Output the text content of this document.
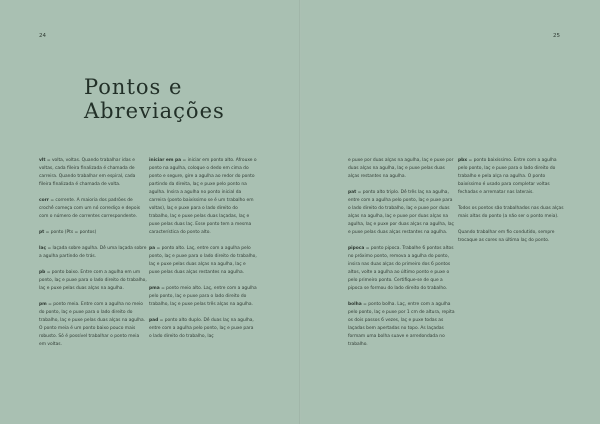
24	25
Pontos e
Abreviações

vlt = volta, voltas. Quando trabalhar idas e voltas, cada fileira finalizada é chamada de carreira. Quando trabalhar em espiral, cada fileira finalizada é chamada de volta.

corr = corrente. A maioria dos padrões de crochê começa com um nó corrediço e depois com o número de correntes correspondente.

pt = ponto (Pts = pontos)

laç = laçada sobre agulha. Dê uma laçada sobre a agulha partindo de trás.

pb = ponto baixo. Entre com a agulha em um ponto, laç e puxe para o lado direito do trabalho, laç e puxe pelas duas alças na agulha.

pm = ponto meia. Entre com a agulha no meio do ponto, laç e puxe para o lado direito do trabalho, laç e puxe pelas duas alças na agulha. O ponto meia é um ponto baixo pouco mais robusto. Só é possível trabalhar o ponto meia em voltas.

iniciar em pa = iniciar em ponto alto. Afrouxe o ponto na agulha, coloque o dedo em cima do ponto e segure, gire a agulha ao redor do ponto partindo da direita, laç e puxe pelo ponto na agulha. Insira a agulha no ponto inicial da carreira (ponto baixíssimo se é um trabalho em voltas), laç e puxe para o lado direito do trabalho, laç e puxe pelas duas laçadas, laç e puxe pelas duas laç. Esse ponto tem a mesma característica do ponto alto.

pa = ponto alto. Laç, entre com a agulha pelo ponto, laç e puxe para o lado direito do trabalho, laç e puxe pelas duas alças na agulha, laç e puxe pelas duas alças restantes na agulha.

pma = ponto meio alto. Laç, entre com a agulha pelo ponto, laç e puxe para o lado direito do trabalho, laç e puxe pelas três alças na agulha.

pad = ponto alto duplo. Dê duas laç na agulha, entre com a agulha pelo ponto, laç e puxe para o lado direito do trabalho, laç

e puxe por duas alças na agulha, laç e puxe por duas alças na agulha, laç e puxe pelas duas alças restantes na agulha.

pat = ponto alto triplo. Dê três laç na agulha, entre com a agulha pelo ponto, laç e puxe para o lado direito do trabalho, laç e puxe por duas alças na agulha, laç e puxe por duas alças na agulha, laç e puxe por duas alças na agulha, laç e puxe pelas duas alças restantes na agulha.

pipoca = ponto pipoca. Trabalhe 6 pontos altos no próximo ponto, remova a agulha do ponto, insira nas duas alças do primeiro dos 6 pontos altos, volte a agulha ao último ponto e puxe o pelo primeiro ponto. Certifique-se de que a pipoca se formou do lado direito do trabalho.

bolha = ponto bolha. Laç, entre com a agulha pelo ponto, laç e puxe por 1 cm de altura, repita os dois passos 6 vezes, laç e puxe todas as laçadas bem apertadas no topo. As laçadas formam uma bolha suave e arredondada no trabalho.

pbx = ponto baixíssimo. Entre com a agulha pelo ponto, laç e puxe para o lado direito do trabalho e pela alça na agulha. O ponto baixíssimo é usado para completar voltas fechadas e arrematar nas laterais.

Todos os pontos são trabalhados nas duas alças mais altas do ponto (a não ser o ponto meia).

Quando trabalhar em fio condutido, sempre trocaque as cores na última laç do ponto.
